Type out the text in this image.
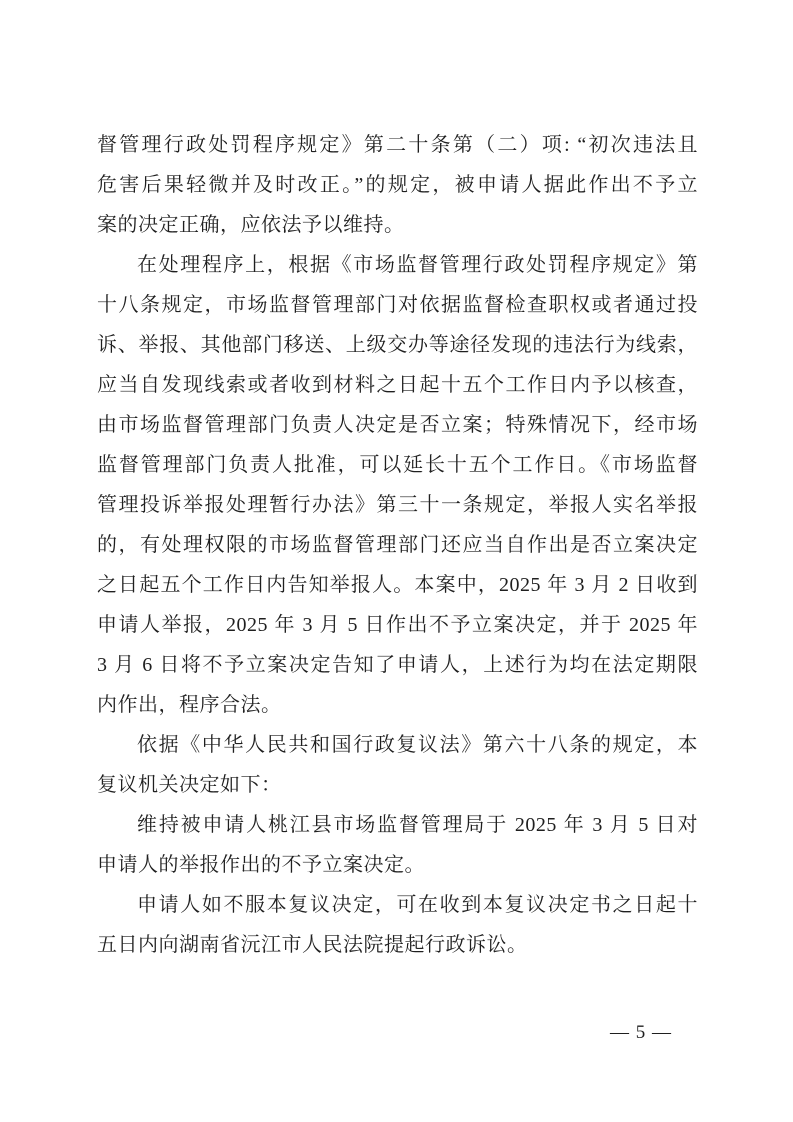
督管理行政处罚程序规定》第二十条第（二）项: “初次违法且

危害后果轻微并及时改正。”的规定，被申请人据此作出不予立

案的决定正确，应依法予以维持。

在处理程序上，根据《市场监督管理行政处罚程序规定》第

十八条规定，市场监督管理部门对依据监督检查职权或者通过投

诉、举报、其他部门移送、上级交办等途径发现的违法行为线索，

应当自发现线索或者收到材料之日起十五个工作日内予以核查，

由市场监督管理部门负责人决定是否立案；特殊情况下，经市场

监督管理部门负责人批准，可以延长十五个工作日。《市场监督

管理投诉举报处理暂行办法》第三十一条规定，举报人实名举报

的，有处理权限的市场监督管理部门还应当自作出是否立案决定

之日起五个工作日内告知举报人。本案中，2025 年 3 月 2 日收到

申请人举报，2025 年 3 月 5 日作出不予立案决定，并于 2025 年

3 月 6 日将不予立案决定告知了申请人，上述行为均在法定期限

内作出，程序合法。

依据《中华人民共和国行政复议法》第六十八条的规定，本

复议机关决定如下：

维持被申请人桃江县市场监督管理局于 2025 年 3 月 5 日对

申请人的举报作出的不予立案决定。

申请人如不服本复议决定，可在收到本复议决定书之日起十

五日内向湖南省沅江市人民法院提起行政诉讼。

— 5 —
